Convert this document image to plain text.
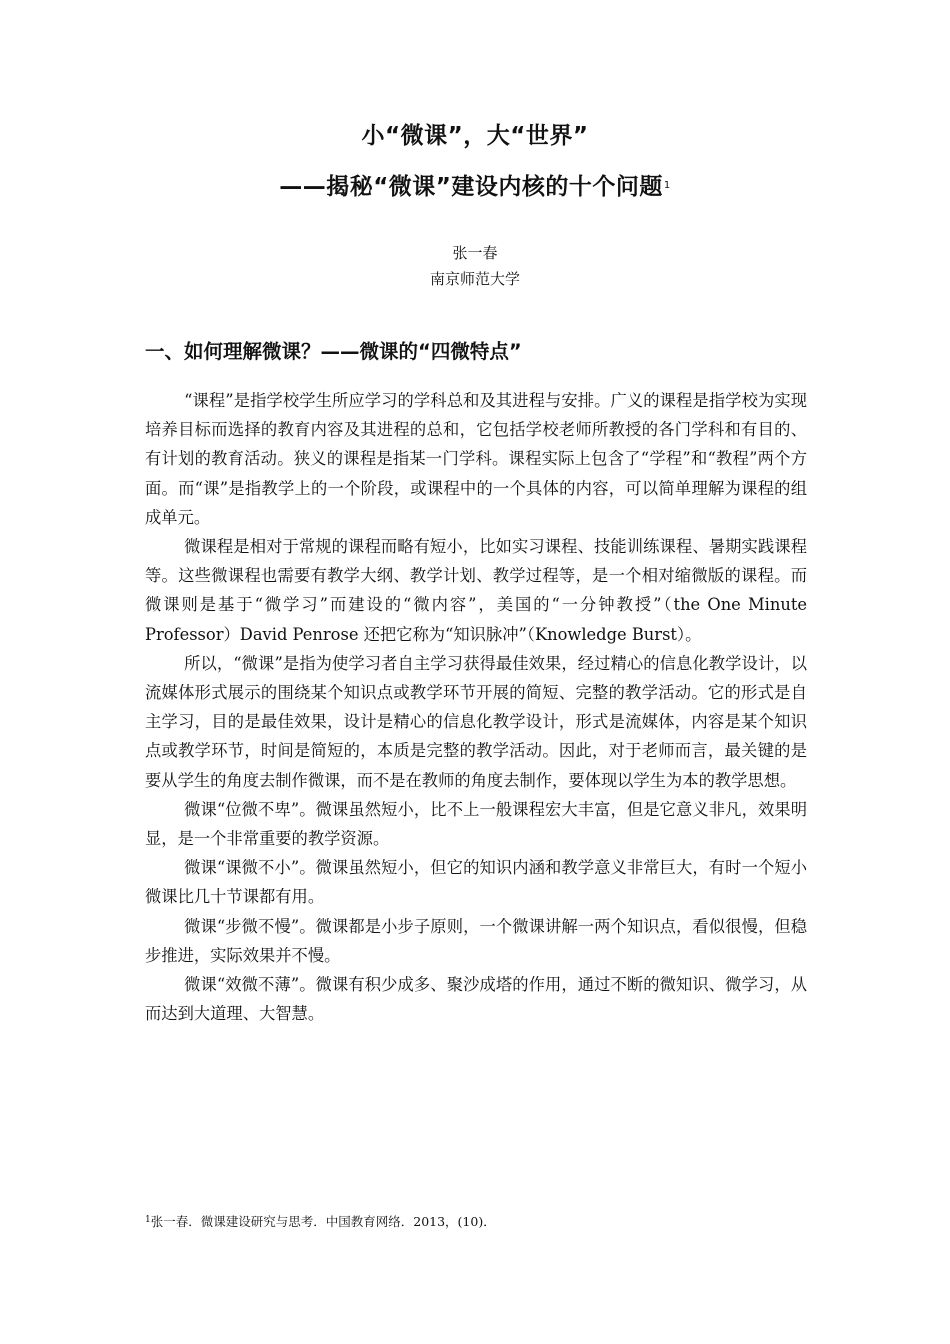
小“微课”，大“世界”
——揭秘“微课”建设内核的十个问题$^1$
张一春
南京师范大学
一、如何理解微课？——微课的“四微特点”

“课程”是指学校学生所应学习的学科总和及其进程与安排。广义的课程是指学校为实现培养目标而选择的教育内容及其进程的总和，它包括学校老师所教授的各门学科和有目的、有计划的教育活动。狭义的课程是指某一门学科。课程实际上包含了“学程”和“教程”两个方面。而“课”是指教学上的一个阶段，或课程中的一个具体的内容，可以简单理解为课程的组成单元。

微课程是相对于常规的课程而略有短小，比如实习课程、技能训练课程、暑期实践课程等。这些微课程也需要有教学大纲、教学计划、教学过程等，是一个相对缩微版的课程。而微课则是基于“微学习”而建设的“微内容”，美国的“一分钟教授”（the One Minute Professor）David Penrose 还把它称为“知识脉冲”（Knowledge Burst）。

所以，“微课”是指为使学习者自主学习获得最佳效果，经过精心的信息化教学设计，以流媒体形式展示的围绕某个知识点或教学环节开展的简短、完整的教学活动。它的形式是自主学习，目的是最佳效果，设计是精心的信息化教学设计，形式是流媒体，内容是某个知识点或教学环节，时间是简短的，本质是完整的教学活动。因此，对于老师而言，最关键的是要从学生的角度去制作微课，而不是在教师的角度去制作，要体现以学生为本的教学思想。

微课“位微不卑”。微课虽然短小，比不上一般课程宏大丰富，但是它意义非凡，效果明显，是一个非常重要的教学资源。

微课“课微不小”。微课虽然短小，但它的知识内涵和教学意义非常巨大，有时一个短小微课比几十节课都有用。

微课“步微不慢”。微课都是小步子原则，一个微课讲解一两个知识点，看似很慢，但稳步推进，实际效果并不慢。

微课“效微不薄”。微课有积少成多、聚沙成塔的作用，通过不断的微知识、微学习，从而达到大道理、大智慧。

$^1$张一春．微课建设研究与思考．中国教育网络．2013，(10)．
